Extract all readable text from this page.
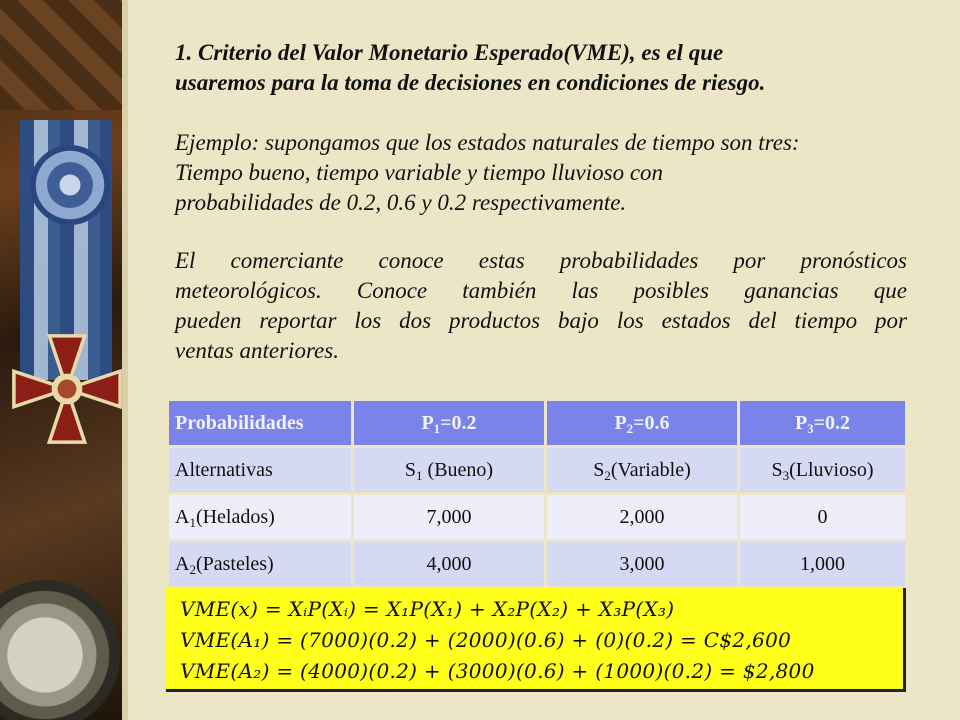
1. Criterio del Valor Monetario Esperado(VME), es el que
usaremos para la toma de decisiones en condiciones de riesgo.

Ejemplo: supongamos que los estados naturales de tiempo son tres:
Tiempo bueno, tiempo variable y tiempo lluvioso con
probabilidades de 0.2, 0.6 y 0.2 respectivamente.

El comerciante conoce estas probabilidades por pronósticos
meteorológicos. Conoce también las posibles ganancias que
pueden reportar los dos productos bajo los estados del tiempo por
ventas anteriores.
Probabilidades	$P_1=0.2$	$P_2=0.6$	$P_3=0.2$
Alternativas	$S_1$ (Bueno)	$S_2(Variable)$	$S_3(Lluvioso)$
$A_1(Helados)$	7,000	2,000	0
$A_2(Pasteles)$	4,000	3,000	1,000
VME(x) = XᵢP(Xᵢ) = X₁P(X₁) + X₂P(X₂) + X₃P(X₃)
VME(A₁) = (7000)(0.2) + (2000)(0.6) + (0)(0.2) = C$2,600
VME(A₂) = (4000)(0.2) + (3000)(0.6) + (1000)(0.2) = $2,800
